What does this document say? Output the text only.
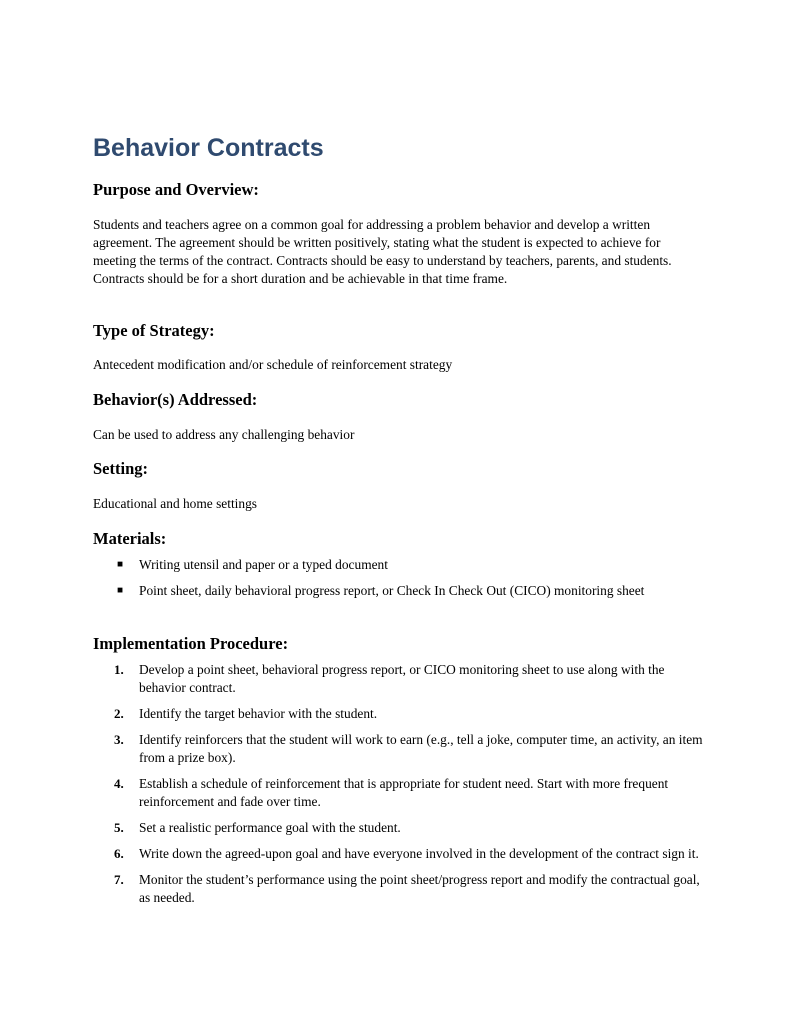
Behavior Contracts
Purpose and Overview:

Students and teachers agree on a common goal for addressing a problem behavior and develop a written agreement. The agreement should be written positively, stating what the student is expected to achieve for meeting the terms of the contract. Contracts should be easy to understand by teachers, parents, and students. Contracts should be for a short duration and be achievable in that time frame.

Type of Strategy:

Antecedent modification and/or schedule of reinforcement strategy

Behavior(s) Addressed:

Can be used to address any challenging behavior

Setting:

Educational and home settings

Materials:
■ Writing utensil and paper or a typed document
■ Point sheet, daily behavioral progress report, or Check In Check Out (CICO) monitoring sheet
Implementation Procedure:
1. Develop a point sheet, behavioral progress report, or CICO monitoring sheet to use along with the behavior contract.
2. Identify the target behavior with the student.
3. Identify reinforcers that the student will work to earn (e.g., tell a joke, computer time, an activity, an item from a prize box).
4. Establish a schedule of reinforcement that is appropriate for student need. Start with more frequent reinforcement and fade over time.
5. Set a realistic performance goal with the student.
6. Write down the agreed-upon goal and have everyone involved in the development of the contract sign it.
7. Monitor the student’s performance using the point sheet/progress report and modify the contractual goal, as needed.
